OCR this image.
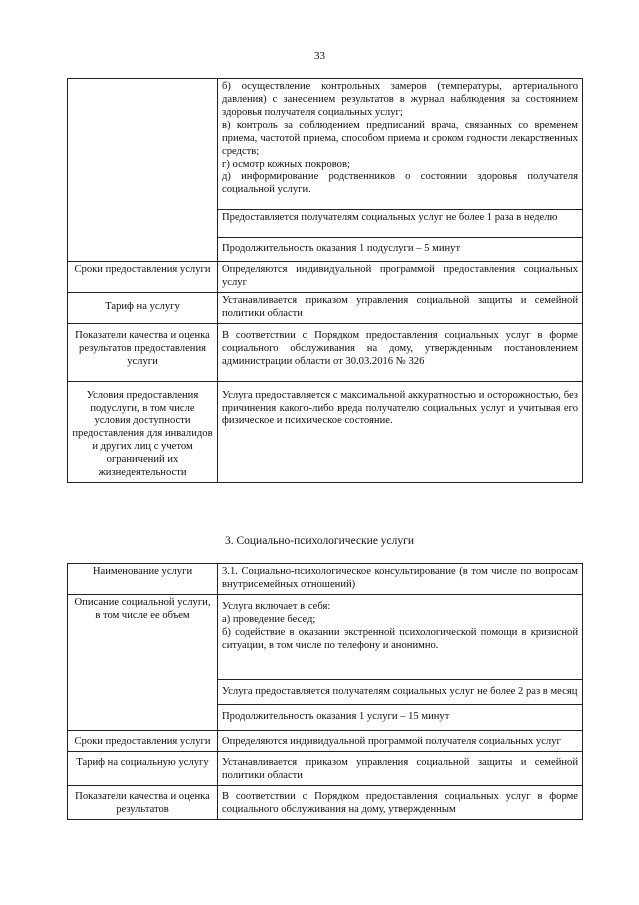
33

	б) осуществление контрольных замеров (температуры, артериального давления) с занесением результатов в журнал наблюдения за состоянием здоровья получателя социальных услуг;
в) контроль за соблюдением предписаний врача, связанных со временем приема, частотой приема, способом приема и сроком годности лекарственных средств;
г) осмотр кожных покровов;
д) информирование родственников о состоянии здоровья получателя социальной услуги.

	Предоставляется получателям социальных услуг не более 1 раза в неделю
	Продолжительность оказания 1 подуслуги – 5 минут
Сроки предоставления услуги	Определяются индивидуальной программой предоставления социальных услуг
Тариф на услугу	Устанавливается приказом управления социальной защиты и семейной политики области
Показатели качества и оценка результатов предоставления услуги	В соответствии с Порядком предоставления социальных услуг в форме социального обслуживания на дому, утвержденным постановлением администрации области от 30.03.2016 № 326
Условия предоставления подуслуги, в том числе условия доступности предоставления для инвалидов и других лиц с учетом ограничений их жизнедеятельности	Услуга предоставляется с максимальной аккуратностью и осторожностью, без причинения какого-либо вреда получателю социальных услуг и учитывая его физическое и психическое состояние.
3. Социально-психологические услуги
Наименование услуги	3.1. Социально-психологическое консультирование (в том числе по вопросам внутрисемейных отношений)
Описание социальной услуги, в том числе ее объем	Услуга включает в себя:
а) проведение бесед;
б) содействие в оказании экстренной психологической помощи в кризисной ситуации, в том числе по телефону и анонимно.

	Услуга предоставляется получателям социальных услуг не более 2 раз в месяц
	Продолжительность оказания 1 услуги – 15 минут
Сроки предоставления услуги	Определяются индивидуальной программой получателя социальных услуг
Тариф на социальную услугу	Устанавливается приказом управления социальной защиты и семейной политики области
Показатели качества и оценка результатов	В соответствии с Порядком предоставления социальных услуг в форме социального обслуживания на дому, утвержденным
